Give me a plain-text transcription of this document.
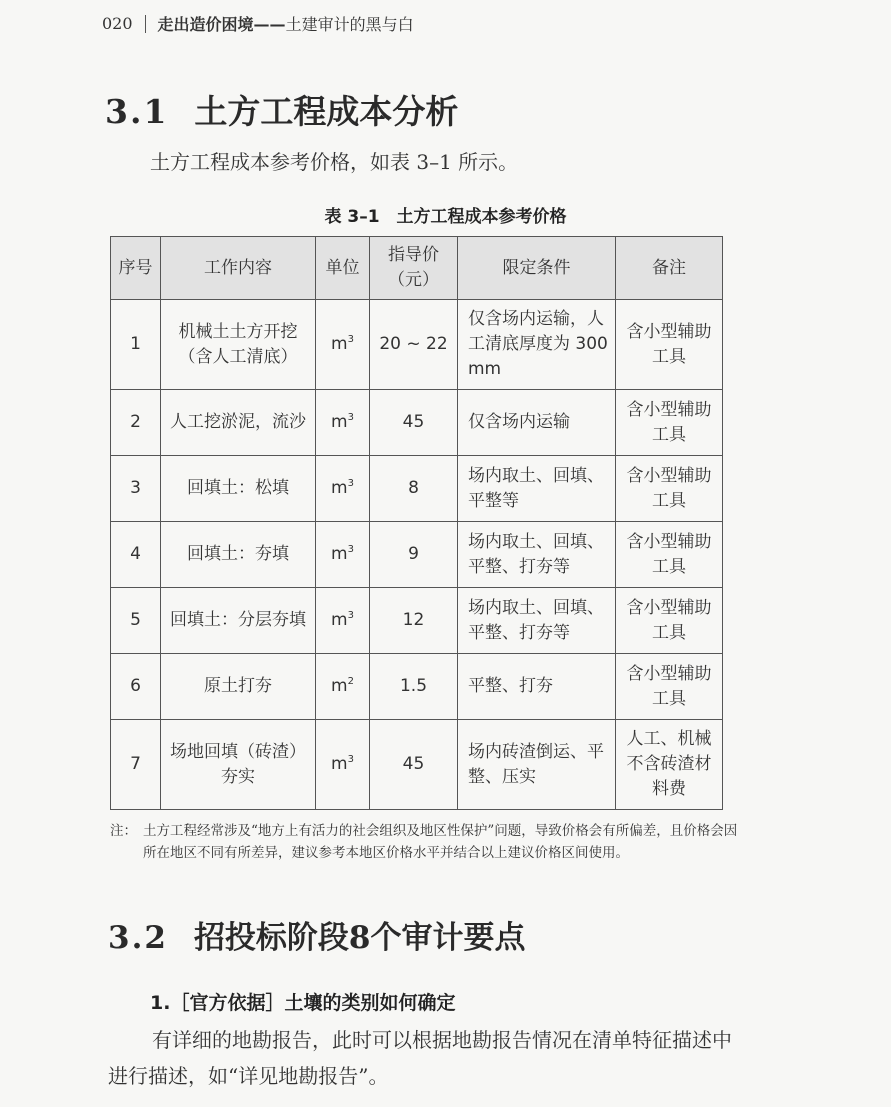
020 走出造价困境——土建审计的黑与白
3.1 土方工程成本分析
土方工程成本参考价格，如表 3–1 所示。
表 3–1　土方工程成本参考价格
序号	工作内容	单位	指导价（元）	限定条件	备注
1	机械土土方开挖（含人工清底）	$m^3$	20 ~ 22	仅含场内运输，人工清底厚度为 300 mm	含小型辅助工具
2	人工挖淤泥，流沙	$m^3$	45	仅含场内运输	含小型辅助工具
3	回填土：松填	$m^3$	8	场内取土、回填、平整等	含小型辅助工具
4	回填土：夯填	$m^3$	9	场内取土、回填、平整、打夯等	含小型辅助工具
5	回填土：分层夯填	$m^3$	12	场内取土、回填、平整、打夯等	含小型辅助工具
6	原土打夯	$m^2$	1.5	平整、打夯	含小型辅助工具
7	场地回填（砖渣）夯实	$m^3$	45	场内砖渣倒运、平整、压实	人工、机械不含砖渣材料费
注： 土方工程经常涉及“地方上有活力的社会组织及地区性保护”问题，导致价格会有所偏差，且价格会因所在地区不同有所差异，建议参考本地区价格水平并结合以上建议价格区间使用。
3.2 招投标阶段8个审计要点
1.［官方依据］土壤的类别如何确定
有详细的地勘报告，此时可以根据地勘报告情况在清单特征描述中进行描述，如“详见地勘报告”。
